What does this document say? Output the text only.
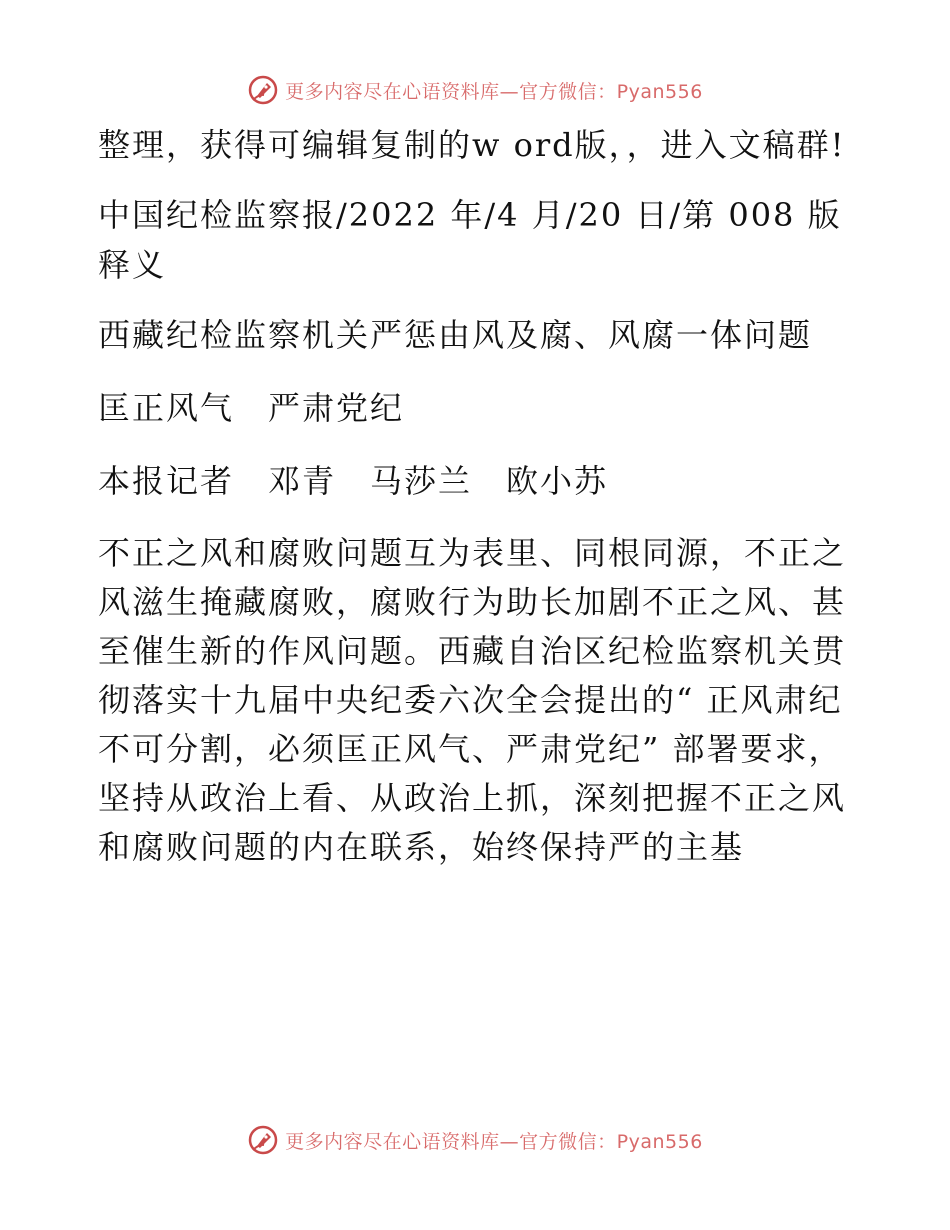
更多内容尽在心语资料库—官方微信：Pyan556

整理，获得可编辑复制的w ord版，，进入文稿群!

中国纪检监察报/2022 年/4 月/20 日/第 008 版释义

西藏纪检监察机关严惩由风及腐、风腐一体问题

匡正风气　严肃党纪

本报记者　邓青　马莎兰　欧小苏

不正之风和腐败问题互为表里、同根同源，不正之风滋生掩藏腐败，腐败行为助长加剧不正之风、甚至催生新的作风问题。西藏自治区纪检监察机关贯彻落实十九届中央纪委六次全会提出的“ 正风肃纪不可分割，必须匡正风气、严肃党纪” 部署要求，坚持从政治上看、从政治上抓，深刻把握不正之风和腐败问题的内在联系，始终保持严的主基

更多内容尽在心语资料库—官方微信：Pyan556
